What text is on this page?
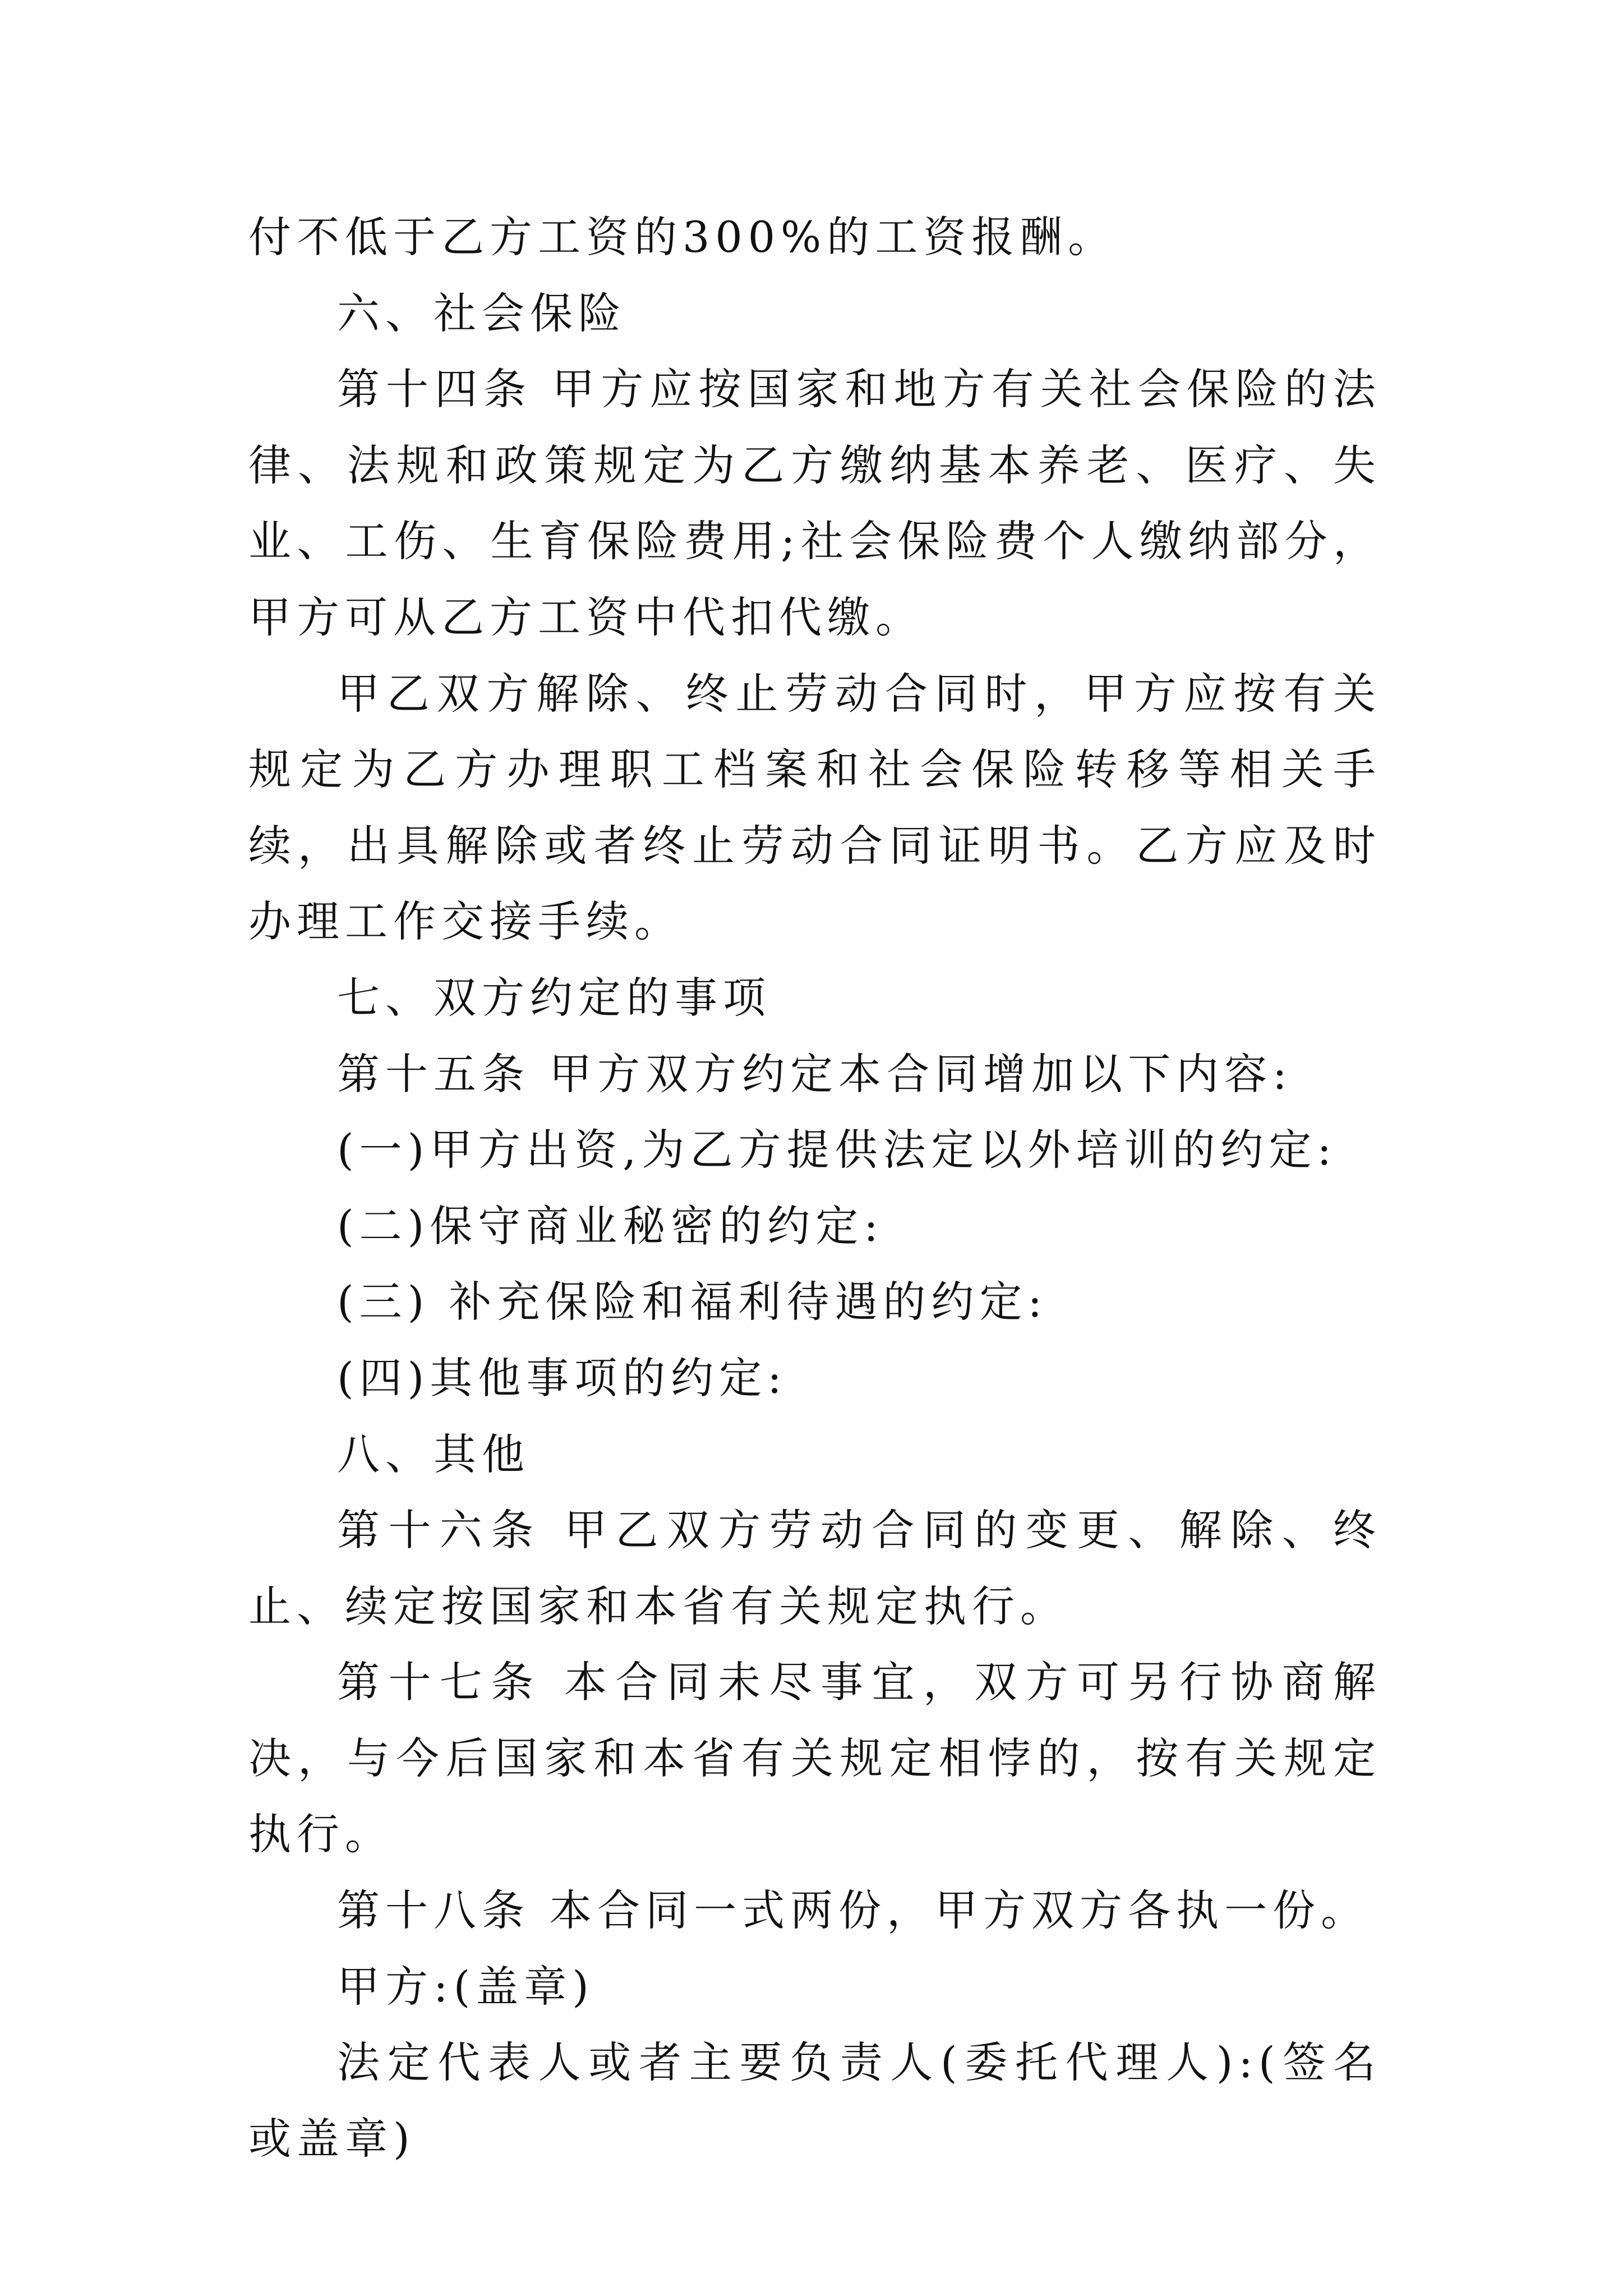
付不低于乙方工资的300%的工资报酬。

六、社会保险

第十四条 甲方应按国家和地方有关社会保险的法律、法规和政策规定为乙方缴纳基本养老、医疗、失业、工伤、生育保险费用;社会保险费个人缴纳部分，甲方可从乙方工资中代扣代缴。

甲乙双方解除、终止劳动合同时，甲方应按有关规定为乙方办理职工档案和社会保险转移等相关手续，出具解除或者终止劳动合同证明书。乙方应及时办理工作交接手续。

七、双方约定的事项

第十五条 甲方双方约定本合同增加以下内容:

(一)甲方出资,为乙方提供法定以外培训的约定:

(二)保守商业秘密的约定:

(三) 补充保险和福利待遇的约定:

(四)其他事项的约定:

八、其他

第十六条 甲乙双方劳动合同的变更、解除、终止、续定按国家和本省有关规定执行。

第十七条 本合同未尽事宜，双方可另行协商解决，与今后国家和本省有关规定相悖的，按有关规定执行。

第十八条 本合同一式两份，甲方双方各执一份。

甲方:(盖章)

法定代表人或者主要负责人(委托代理人):(签名或盖章)
